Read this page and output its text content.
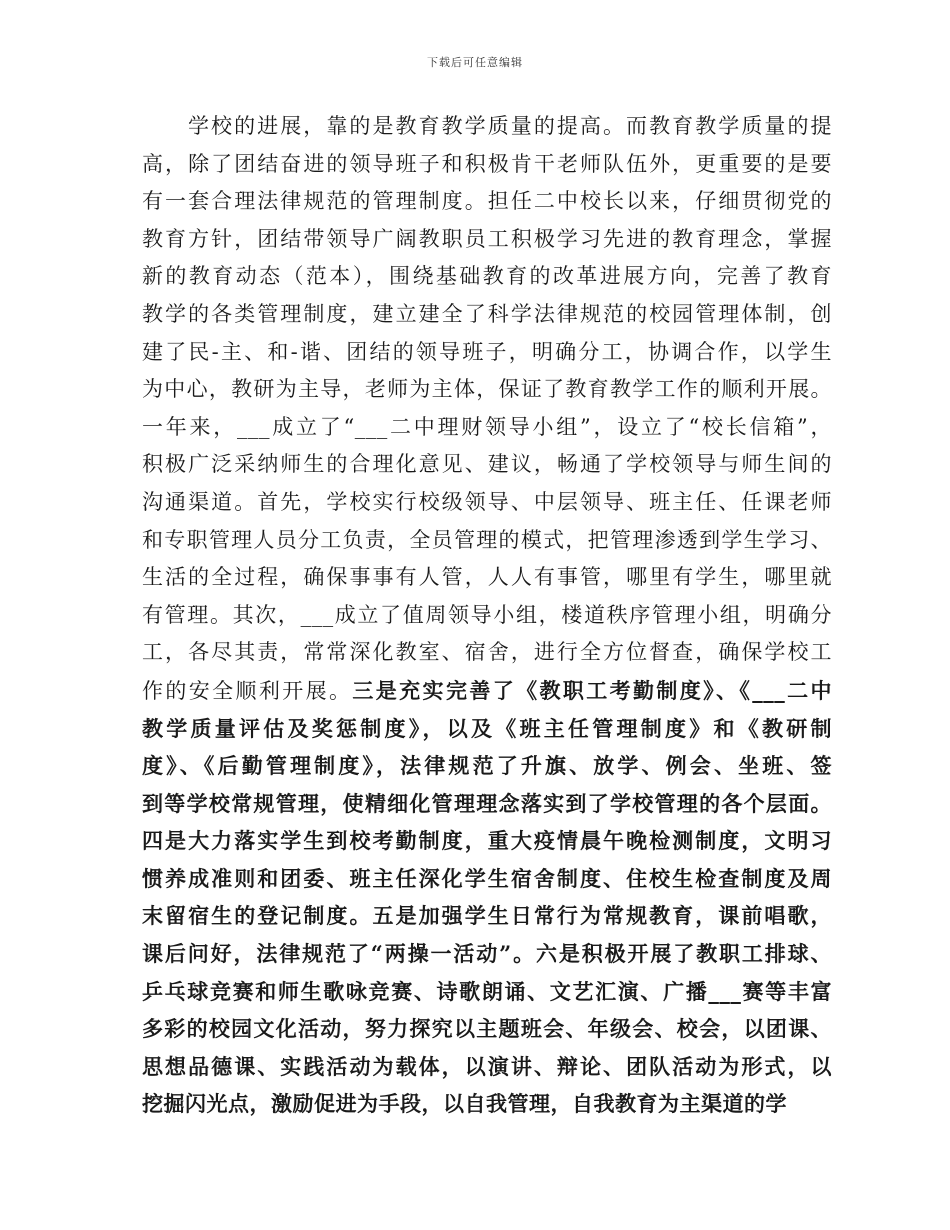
下载后可任意编辑
学校的进展，靠的是教育教学质量的提高。而教育教学质量的提
高，除了团结奋进的领导班子和积极肯干老师队伍外，更重要的是要
有一套合理法律规范的管理制度。担任二中校长以来，仔细贯彻党的
教育方针，团结带领导广阔教职员工积极学习先进的教育理念，掌握
新的教育动态（范本），围绕基础教育的改革进展方向，完善了教育
教学的各类管理制度，建立建全了科学法律规范的校园管理体制，创
建了民-主、和-谐、团结的领导班子，明确分工，协调合作，以学生
为中心，教研为主导，老师为主体，保证了教育教学工作的顺利开展。
一年来，___成立了“___二中理财领导小组”，设立了“校长信箱”，
积极广泛采纳师生的合理化意见、建议，畅通了学校领导与师生间的
沟通渠道。首先，学校实行校级领导、中层领导、班主任、任课老师
和专职管理人员分工负责，全员管理的模式，把管理渗透到学生学习、
生活的全过程，确保事事有人管，人人有事管，哪里有学生，哪里就
有管理。其次，___成立了值周领导小组，楼道秩序管理小组，明确分
工，各尽其责，常常深化教室、宿舍，进行全方位督查，确保学校工
作的安全顺利开展。三是充实完善了《教职工考勤制度》、《___二中
教学质量评估及奖惩制度》，以及《班主任管理制度》和《教研制
度》、《后勤管理制度》，法律规范了升旗、放学、例会、坐班、签
到等学校常规管理，使精细化管理理念落实到了学校管理的各个层面。
四是大力落实学生到校考勤制度，重大疫情晨午晚检测制度，文明习
惯养成准则和团委、班主任深化学生宿舍制度、住校生检查制度及周
末留宿生的登记制度。五是加强学生日常行为常规教育，课前唱歌，
课后问好，法律规范了“两操一活动”。六是积极开展了教职工排球、
乒乓球竞赛和师生歌咏竞赛、诗歌朗诵、文艺汇演、广播___赛等丰富
多彩的校园文化活动，努力探究以主题班会、年级会、校会，以团课、
思想品德课、实践活动为载体，以演讲、辩论、团队活动为形式，以
挖掘闪光点，激励促进为手段，以自我管理，自我教育为主渠道的学
